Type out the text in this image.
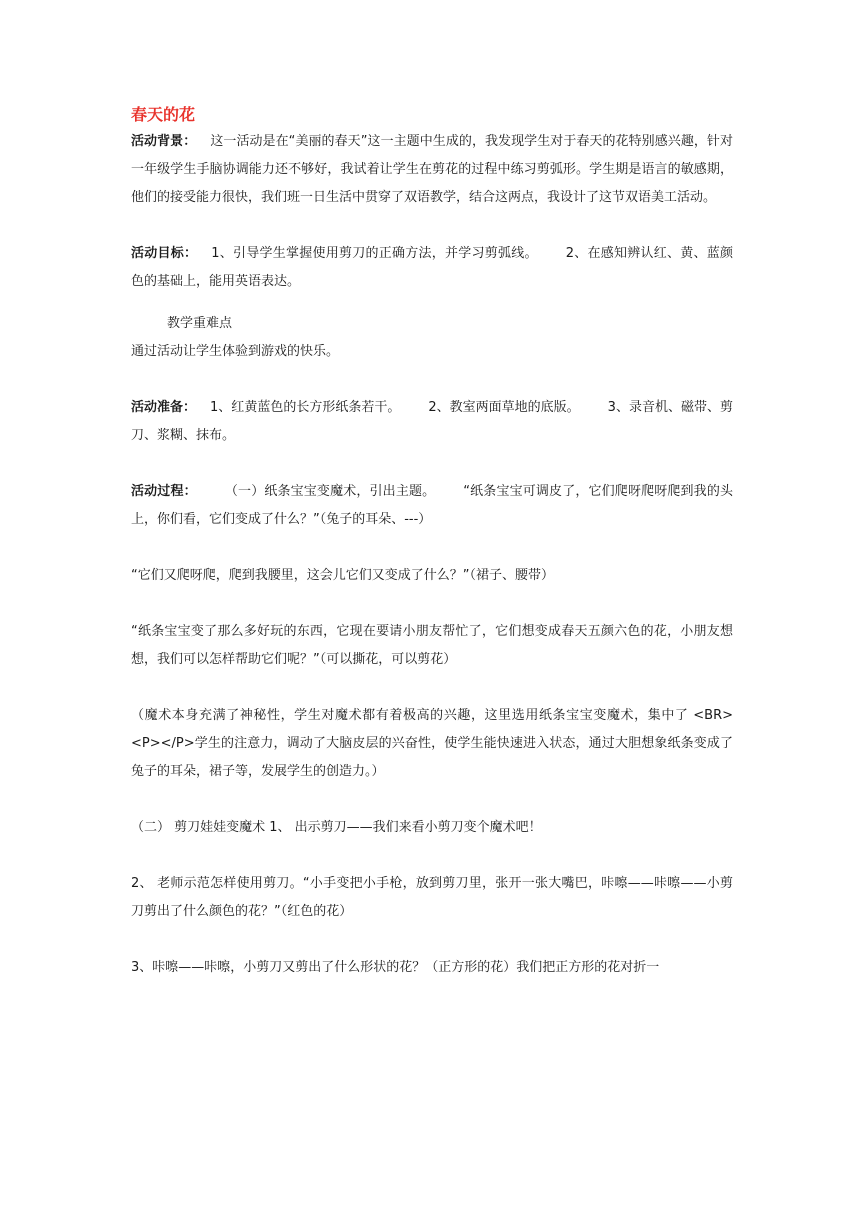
春天的花

活动背景： 这一活动是在“美丽的春天”这一主题中生成的，我发现学生对于春天的花特别感兴趣，针对一年级学生手脑协调能力还不够好，我试着让学生在剪花的过程中练习剪弧形。学生期是语言的敏感期，他们的接受能力很快，我们班一日生活中贯穿了双语教学，结合这两点，我设计了这节双语美工活动。

活动目标： 1、引导学生掌握使用剪刀的正确方法，并学习剪弧线。 2、在感知辨认红、黄、蓝颜色的基础上，能用英语表达。

教学重难点

通过活动让学生体验到游戏的快乐。

活动准备： 1、红黄蓝色的长方形纸条若干。 2、教室两面草地的底版。 3、录音机、磁带、剪刀、浆糊、抹布。

活动过程： （一）纸条宝宝变魔术，引出主题。 “纸条宝宝可调皮了，它们爬呀爬呀爬到我的头上，你们看，它们变成了什么？”（兔子的耳朵、---）

“它们又爬呀爬，爬到我腰里，这会儿它们又变成了什么？”（裙子、腰带）

“纸条宝宝变了那么多好玩的东西，它现在要请小朋友帮忙了，它们想变成春天五颜六色的花，小朋友想想，我们可以怎样帮助它们呢？”（可以撕花，可以剪花）

（魔术本身充满了神秘性，学生对魔术都有着极高的兴趣，这里选用纸条宝宝变魔术，集中了 <BR><P></P>学生的注意力，调动了大脑皮层的兴奋性，使学生能快速进入状态，通过大胆想象纸条变成了兔子的耳朵，裙子等，发展学生的创造力。）

（二） 剪刀娃娃变魔术 1、 出示剪刀——我们来看小剪刀变个魔术吧！

2、 老师示范怎样使用剪刀。“小手变把小手枪，放到剪刀里，张开一张大嘴巴，咔嚓——咔嚓——小剪刀剪出了什么颜色的花？”（红色的花）

3、咔嚓——咔嚓，小剪刀又剪出了什么形状的花？（正方形的花）我们把正方形的花对折一
